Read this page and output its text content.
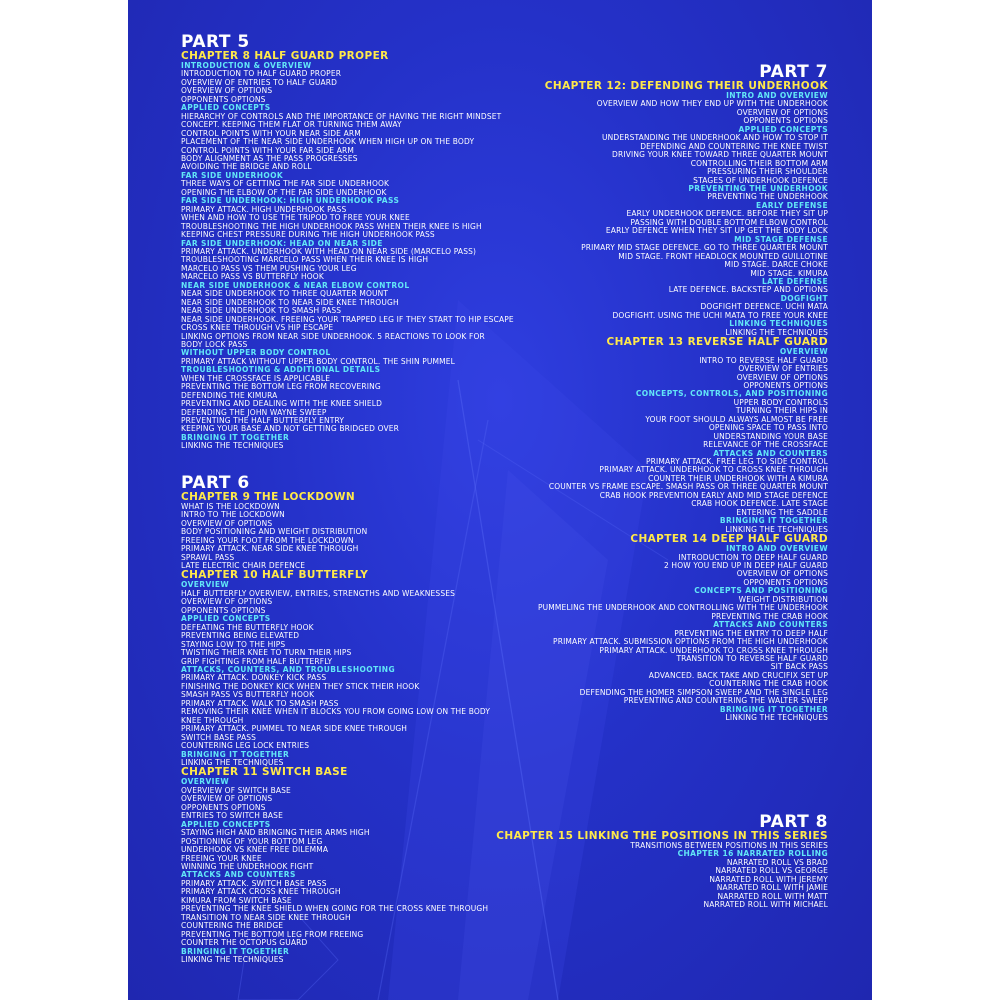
PART 5
CHAPTER 8 HALF GUARD PROPER
INTRODUCTION & OVERVIEW
INTRODUCTION TO HALF GUARD PROPER
OVERVIEW OF ENTRIES TO HALF GUARD
OVERVIEW OF OPTIONS
OPPONENTS OPTIONS
APPLIED CONCEPTS
HIERARCHY OF CONTROLS AND THE IMPORTANCE OF HAVING THE RIGHT MINDSET
CONCEPT. KEEPING THEM FLAT OR TURNING THEM AWAY
CONTROL POINTS WITH YOUR NEAR SIDE ARM
PLACEMENT OF THE NEAR SIDE UNDERHOOK WHEN HIGH UP ON THE BODY
CONTROL POINTS WITH YOUR FAR SIDE ARM
BODY ALIGNMENT AS THE PASS PROGRESSES
AVOIDING THE BRIDGE AND ROLL
FAR SIDE UNDERHOOK
THREE WAYS OF GETTING THE FAR SIDE UNDERHOOK
OPENING THE ELBOW OF THE FAR SIDE UNDERHOOK
FAR SIDE UNDERHOOK: HIGH UNDERHOOK PASS
PRIMARY ATTACK. HIGH UNDERHOOK PASS
WHEN AND HOW TO USE THE TRIPOD TO FREE YOUR KNEE
TROUBLESHOOTING THE HIGH UNDERHOOK PASS WHEN THEIR KNEE IS HIGH
KEEPING CHEST PRESSURE DURING THE HIGH UNDERHOOK PASS
FAR SIDE UNDERHOOK: HEAD ON NEAR SIDE
PRIMARY ATTACK. UNDERHOOK WITH HEAD ON NEAR SIDE (MARCELO PASS)
TROUBLESHOOTING MARCELO PASS WHEN THEIR KNEE IS HIGH
MARCELO PASS VS THEM PUSHING YOUR LEG
MARCELO PASS VS BUTTERFLY HOOK
NEAR SIDE UNDERHOOK & NEAR ELBOW CONTROL
NEAR SIDE UNDERHOOK TO THREE QUARTER MOUNT
NEAR SIDE UNDERHOOK TO NEAR SIDE KNEE THROUGH
NEAR SIDE UNDERHOOK TO SMASH PASS
NEAR SIDE UNDERHOOK. FREEING YOUR TRAPPED LEG IF THEY START TO HIP ESCAPE
CROSS KNEE THROUGH VS HIP ESCAPE
LINKING OPTIONS FROM NEAR SIDE UNDERHOOK. 5 REACTIONS TO LOOK FOR
BODY LOCK PASS
WITHOUT UPPER BODY CONTROL
PRIMARY ATTACK WITHOUT UPPER BODY CONTROL. THE SHIN PUMMEL
TROUBLESHOOTING & ADDITIONAL DETAILS
WHEN THE CROSSFACE IS APPLICABLE
PREVENTING THE BOTTOM LEG FROM RECOVERING
DEFENDING THE KIMURA
PREVENTING AND DEALING WITH THE KNEE SHIELD
DEFENDING THE JOHN WAYNE SWEEP
PREVENTING THE HALF BUTTERFLY ENTRY
KEEPING YOUR BASE AND NOT GETTING BRIDGED OVER
BRINGING IT TOGETHER
LINKING THE TECHNIQUES
PART 6
CHAPTER 9 THE LOCKDOWN
WHAT IS THE LOCKDOWN
INTRO TO THE LOCKDOWN
OVERVIEW OF OPTIONS
BODY POSITIONING AND WEIGHT DISTRIBUTION
FREEING YOUR FOOT FROM THE LOCKDOWN
PRIMARY ATTACK. NEAR SIDE KNEE THROUGH
SPRAWL PASS
LATE ELECTRIC CHAIR DEFENCE
CHAPTER 10 HALF BUTTERFLY
OVERVIEW
HALF BUTTERFLY OVERVIEW, ENTRIES, STRENGTHS AND WEAKNESSES
OVERVIEW OF OPTIONS
OPPONENTS OPTIONS
APPLIED CONCEPTS
DEFEATING THE BUTTERFLY HOOK
PREVENTING BEING ELEVATED
STAYING LOW TO THE HIPS
TWISTING THEIR KNEE TO TURN THEIR HIPS
GRIP FIGHTING FROM HALF BUTTERFLY
ATTACKS, COUNTERS, AND TROUBLESHOOTING
PRIMARY ATTACK. DONKEY KICK PASS
FINISHING THE DONKEY KICK WHEN THEY STICK THEIR HOOK
SMASH PASS VS BUTTERFLY HOOK
PRIMARY ATTACK. WALK TO SMASH PASS
REMOVING THEIR KNEE WHEN IT BLOCKS YOU FROM GOING LOW ON THE BODY
KNEE THROUGH
PRIMARY ATTACK. PUMMEL TO NEAR SIDE KNEE THROUGH
SWITCH BASE PASS
COUNTERING LEG LOCK ENTRIES
BRINGING IT TOGETHER
LINKING THE TECHNIQUES
CHAPTER 11 SWITCH BASE
OVERVIEW
OVERVIEW OF SWITCH BASE
OVERVIEW OF OPTIONS
OPPONENTS OPTIONS
ENTRIES TO SWITCH BASE
APPLIED CONCEPTS
STAYING HIGH AND BRINGING THEIR ARMS HIGH
POSITIONING OF YOUR BOTTOM LEG
UNDERHOOK VS KNEE FREE DILEMMA
FREEING YOUR KNEE
WINNING THE UNDERHOOK FIGHT
ATTACKS AND COUNTERS
PRIMARY ATTACK. SWITCH BASE PASS
PRIMARY ATTACK CROSS KNEE THROUGH
KIMURA FROM SWITCH BASE
PREVENTING THE KNEE SHIELD WHEN GOING FOR THE CROSS KNEE THROUGH
TRANSITION TO NEAR SIDE KNEE THROUGH
COUNTERING THE BRIDGE
PREVENTING THE BOTTOM LEG FROM FREEING
COUNTER THE OCTOPUS GUARD
BRINGING IT TOGETHER
LINKING THE TECHNIQUES
PART 7
CHAPTER 12: DEFENDING THEIR UNDERHOOK
INTRO AND OVERVIEW
OVERVIEW AND HOW THEY END UP WITH THE UNDERHOOK
OVERVIEW OF OPTIONS
OPPONENTS OPTIONS
APPLIED CONCEPTS
UNDERSTANDING THE UNDERHOOK AND HOW TO STOP IT
DEFENDING AND COUNTERING THE KNEE TWIST
DRIVING YOUR KNEE TOWARD THREE QUARTER MOUNT
CONTROLLING THEIR BOTTOM ARM
PRESSURING THEIR SHOULDER
STAGES OF UNDERHOOK DEFENCE
PREVENTING THE UNDERHOOK
PREVENTING THE UNDERHOOK
EARLY DEFENSE
EARLY UNDERHOOK DEFENCE. BEFORE THEY SIT UP
PASSING WITH DOUBLE BOTTOM ELBOW CONTROL
EARLY DEFENCE WHEN THEY SIT UP GET THE BODY LOCK
MID STAGE DEFENSE
PRIMARY MID STAGE DEFENCE. GO TO THREE QUARTER MOUNT
MID STAGE. FRONT HEADLOCK MOUNTED GUILLOTINE
MID STAGE. DARCE CHOKE
MID STAGE. KIMURA
LATE DEFENSE
LATE DEFENCE. BACKSTEP AND OPTIONS
DOGFIGHT
DOGFIGHT DEFENCE. UCHI MATA
DOGFIGHT. USING THE UCHI MATA TO FREE YOUR KNEE
LINKING TECHNIQUES
LINKING THE TECHNIQUES
CHAPTER 13 REVERSE HALF GUARD
OVERVIEW
INTRO TO REVERSE HALF GUARD
OVERVIEW OF ENTRIES
OVERVIEW OF OPTIONS
OPPONENTS OPTIONS
CONCEPTS, CONTROLS, AND POSITIONING
UPPER BODY CONTROLS
TURNING THEIR HIPS IN
YOUR FOOT SHOULD ALWAYS ALMOST BE FREE
OPENING SPACE TO PASS INTO
UNDERSTANDING YOUR BASE
RELEVANCE OF THE CROSSFACE
ATTACKS AND COUNTERS
PRIMARY ATTACK. FREE LEG TO SIDE CONTROL
PRIMARY ATTACK. UNDERHOOK TO CROSS KNEE THROUGH
COUNTER THEIR UNDERHOOK WITH A KIMURA
COUNTER VS FRAME ESCAPE. SMASH PASS OR THREE QUARTER MOUNT
CRAB HOOK PREVENTION EARLY AND MID STAGE DEFENCE
CRAB HOOK DEFENCE. LATE STAGE
ENTERING THE SADDLE
BRINGING IT TOGETHER
LINKING THE TECHNIQUES
CHAPTER 14 DEEP HALF GUARD
INTRO AND OVERVIEW
INTRODUCTION TO DEEP HALF GUARD
2 HOW YOU END UP IN DEEP HALF GUARD
OVERVIEW OF OPTIONS
OPPONENTS OPTIONS
CONCEPTS AND POSITIONING
WEIGHT DISTRIBUTION
PUMMELING THE UNDERHOOK AND CONTROLLING WITH THE UNDERHOOK
PREVENTING THE CRAB HOOK
ATTACKS AND COUNTERS
PREVENTING THE ENTRY TO DEEP HALF
PRIMARY ATTACK. SUBMISSION OPTIONS FROM THE HIGH UNDERHOOK
PRIMARY ATTACK. UNDERHOOK TO CROSS KNEE THROUGH
TRANSITION TO REVERSE HALF GUARD
SIT BACK PASS
ADVANCED. BACK TAKE AND CRUCIFIX SET UP
COUNTERING THE CRAB HOOK
DEFENDING THE HOMER SIMPSON SWEEP AND THE SINGLE LEG
PREVENTING AND COUNTERING THE WALTER SWEEP
BRINGING IT TOGETHER
LINKING THE TECHNIQUES
PART 8
CHAPTER 15 LINKING THE POSITIONS IN THIS SERIES
TRANSITIONS BETWEEN POSITIONS IN THIS SERIES
CHAPTER 16 NARRATED ROLLING
NARRATED ROLL VS BRAD
NARRATED ROLL VS GEORGE
NARRATED ROLL WITH JEREMY
NARRATED ROLL WITH JAMIE
NARRATED ROLL WITH MATT
NARRATED ROLL WITH MICHAEL
